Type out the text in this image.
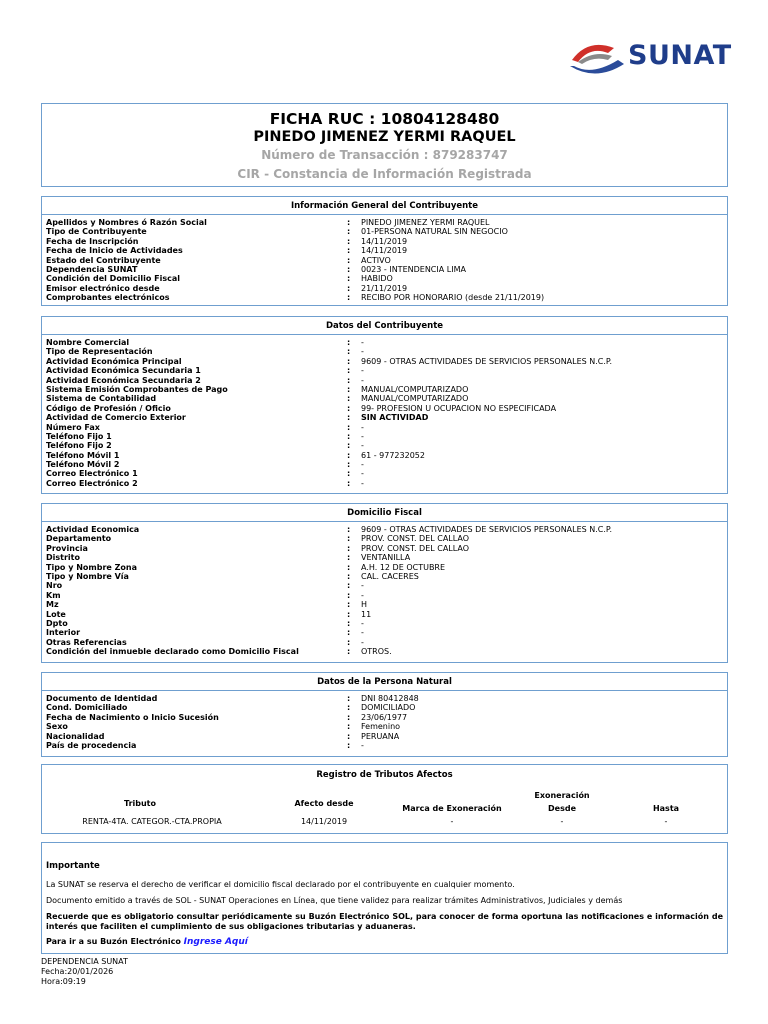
SUNAT
FICHA RUC : 10804128480
PINEDO JIMENEZ YERMI RAQUEL
Número de Transacción : 879283747
CIR - Constancia de Información Registrada
Información General del Contribuyente
Apellidos y Nombres ó Razón Social	: PINEDO JIMENEZ YERMI RAQUEL
Tipo de Contribuyente	: 01-PERSONA NATURAL SIN NEGOCIO
Fecha de Inscripción	: 14/11/2019
Fecha de Inicio de Actividades	: 14/11/2019
Estado del Contribuyente	: ACTIVO
Dependencia SUNAT	: 0023 - INTENDENCIA LIMA
Condición del Domicilio Fiscal	: HABIDO
Emisor electrónico desde	: 21/11/2019
Comprobantes electrónicos	: RECIBO POR HONORARIO (desde 21/11/2019)
Datos del Contribuyente
Nombre Comercial	: -
Tipo de Representación	: -
Actividad Económica Principal	: 9609 - OTRAS ACTIVIDADES DE SERVICIOS PERSONALES N.C.P.
Actividad Económica Secundaria 1	: -
Actividad Económica Secundaria 2	: -
Sistema Emisión Comprobantes de Pago	: MANUAL/COMPUTARIZADO
Sistema de Contabilidad	: MANUAL/COMPUTARIZADO
Código de Profesión / Oficio	: 99- PROFESION U OCUPACION NO ESPECIFICADA
Actividad de Comercio Exterior	: SIN ACTIVIDAD
Número Fax	: -
Teléfono Fijo 1	: -
Teléfono Fijo 2	: -
Teléfono Móvil 1	: 61 - 977232052
Teléfono Móvil 2	: -
Correo Electrónico 1	: -
Correo Electrónico 2	: -
Domicilio Fiscal
Actividad Economica	: 9609 - OTRAS ACTIVIDADES DE SERVICIOS PERSONALES N.C.P.
Departamento	: PROV. CONST. DEL CALLAO
Provincia	: PROV. CONST. DEL CALLAO
Distrito	: VENTANILLA
Tipo y Nombre Zona	: A.H. 12 DE OCTUBRE
Tipo y Nombre Vía	: CAL. CACERES
Nro	: -
Km	: -
Mz	: H
Lote	: 11
Dpto	: -
Interior	: -
Otras Referencias	: -
Condición del inmueble declarado como Domicilio Fiscal	: OTROS.
Datos de la Persona Natural
Documento de Identidad	: DNI 80412848
Cond. Domiciliado	: DOMICILIADO
Fecha de Nacimiento o Inicio Sucesión	: 23/06/1977
Sexo	: Femenino
Nacionalidad	: PERUANA
País de procedencia	: -
Registro de Tributos Afectos
Tributo	Afecto desde
Exoneración
Marca de Exoneración	Desde	Hasta
RENTA-4TA. CATEGOR.-CTA.PROPIA	14/11/2019	-	-	-
Importante

La SUNAT se reserva el derecho de verificar el domicilio fiscal declarado por el contribuyente en cualquier momento.

Documento emitido a través de SOL - SUNAT Operaciones en Línea, que tiene validez para realizar trámites Administrativos, Judiciales y demás

Recuerde que es obligatorio consultar periódicamente su Buzón Electrónico SOL, para conocer de forma oportuna las notificaciones e información de interés que faciliten el cumplimiento de sus obligaciones tributarias y aduaneras.

Para ir a su Buzón Electrónico Ingrese Aquí

DEPENDENCIA SUNAT
Fecha:20/01/2026
Hora:09:19
